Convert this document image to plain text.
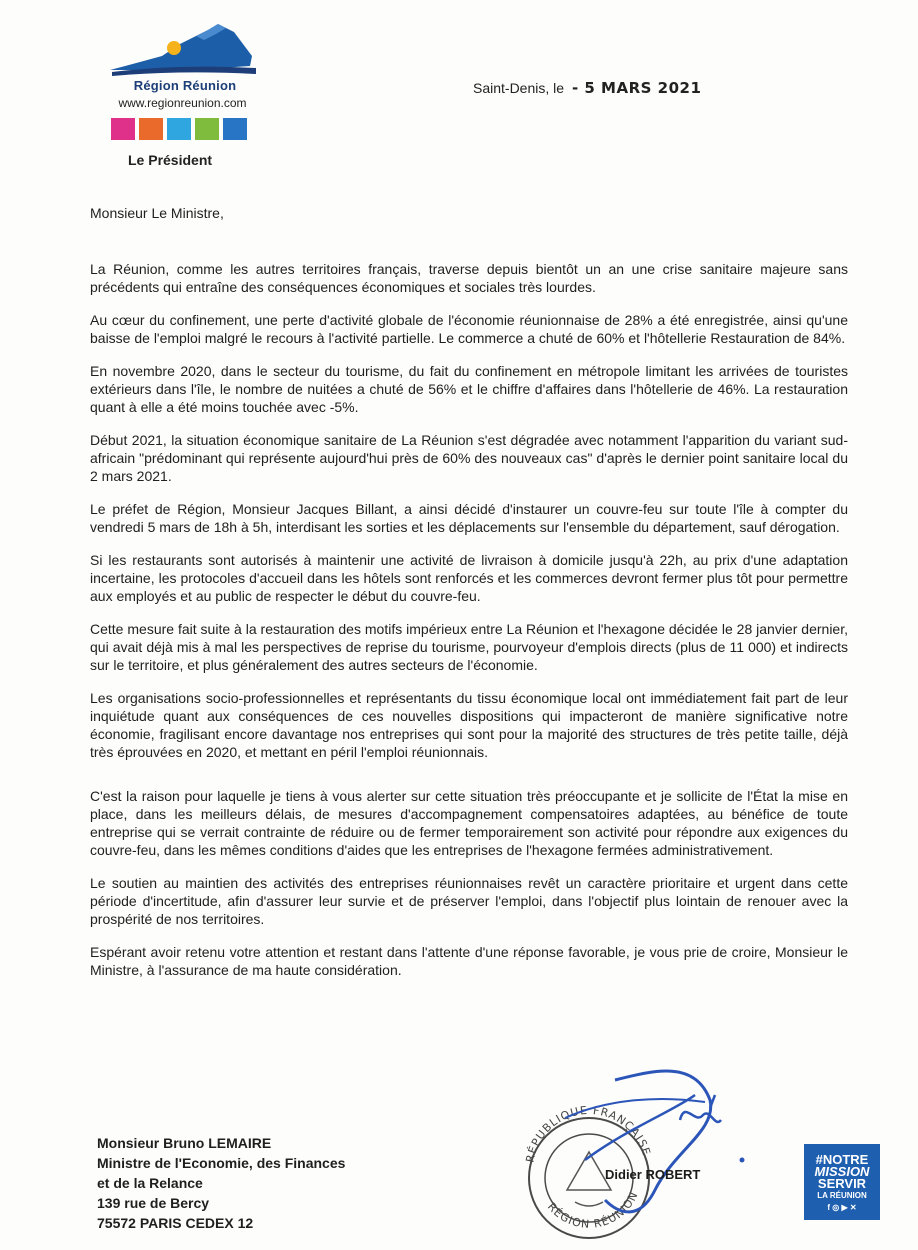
Région Réunion
www.regionreunion.com
Le Président
Saint-Denis, le - 5 MARS 2021
Monsieur Le Ministre,

La Réunion, comme les autres territoires français, traverse depuis bientôt un an une crise sanitaire majeure sans précédents qui entraîne des conséquences économiques et sociales très lourdes.

Au cœur du confinement, une perte d'activité globale de l'économie réunionnaise de 28% a été enregistrée, ainsi qu'une baisse de l'emploi malgré le recours à l'activité partielle. Le commerce a chuté de 60% et l'hôtellerie Restauration de 84%.

En novembre 2020, dans le secteur du tourisme, du fait du confinement en métropole limitant les arrivées de touristes extérieurs dans l'île, le nombre de nuitées a chuté de 56% et le chiffre d'affaires dans l'hôtellerie de 46%. La restauration quant à elle a été moins touchée avec -5%.

Début 2021, la situation économique sanitaire de La Réunion s'est dégradée avec notamment l'apparition du variant sud-africain "prédominant qui représente aujourd'hui près de 60% des nouveaux cas" d'après le dernier point sanitaire local du 2 mars 2021.

Le préfet de Région, Monsieur Jacques Billant, a ainsi décidé d'instaurer un couvre-feu sur toute l'île à compter du vendredi 5 mars de 18h à 5h, interdisant les sorties et les déplacements sur l'ensemble du département, sauf dérogation.

Si les restaurants sont autorisés à maintenir une activité de livraison à domicile jusqu'à 22h, au prix d'une adaptation incertaine, les protocoles d'accueil dans les hôtels sont renforcés et les commerces devront fermer plus tôt pour permettre aux employés et au public de respecter le début du couvre-feu.

Cette mesure fait suite à la restauration des motifs impérieux entre La Réunion et l'hexagone décidée le 28 janvier dernier, qui avait déjà mis à mal les perspectives de reprise du tourisme, pourvoyeur d'emplois directs (plus de 11 000) et indirects sur le territoire, et plus généralement des autres secteurs de l'économie.

Les organisations socio-professionnelles et représentants du tissu économique local ont immédiatement fait part de leur inquiétude quant aux conséquences de ces nouvelles dispositions qui impacteront de manière significative notre économie, fragilisant encore davantage nos entreprises qui sont pour la majorité des structures de très petite taille, déjà très éprouvées en 2020, et mettant en péril l'emploi réunionnais.

C'est la raison pour laquelle je tiens à vous alerter sur cette situation très préoccupante et je sollicite de l'État la mise en place, dans les meilleurs délais, de mesures d'accompagnement compensatoires adaptées, au bénéfice de toute entreprise qui se verrait contrainte de réduire ou de fermer temporairement son activité pour répondre aux exigences du couvre-feu, dans les mêmes conditions d'aides que les entreprises de l'hexagone fermées administrativement.

Le soutien au maintien des activités des entreprises réunionnaises revêt un caractère prioritaire et urgent dans cette période d'incertitude, afin d'assurer leur survie et de préserver l'emploi, dans l'objectif plus lointain de renouer avec la prospérité de nos territoires.

Espérant avoir retenu votre attention et restant dans l'attente d'une réponse favorable, je vous prie de croire, Monsieur le Ministre, à l'assurance de ma haute considération.

Monsieur Bruno LEMAIRE
Ministre de l'Economie, des Finances
et de la Relance
139 rue de Bercy
75572 PARIS CEDEX 12
RÉPUBLIQUE FRANÇAISE
RÉGION RÉUNION
Didier ROBERT
#NOTRE
MISSION
SERVIR
LA RÉUNION
f ◎ ▶ ✕
